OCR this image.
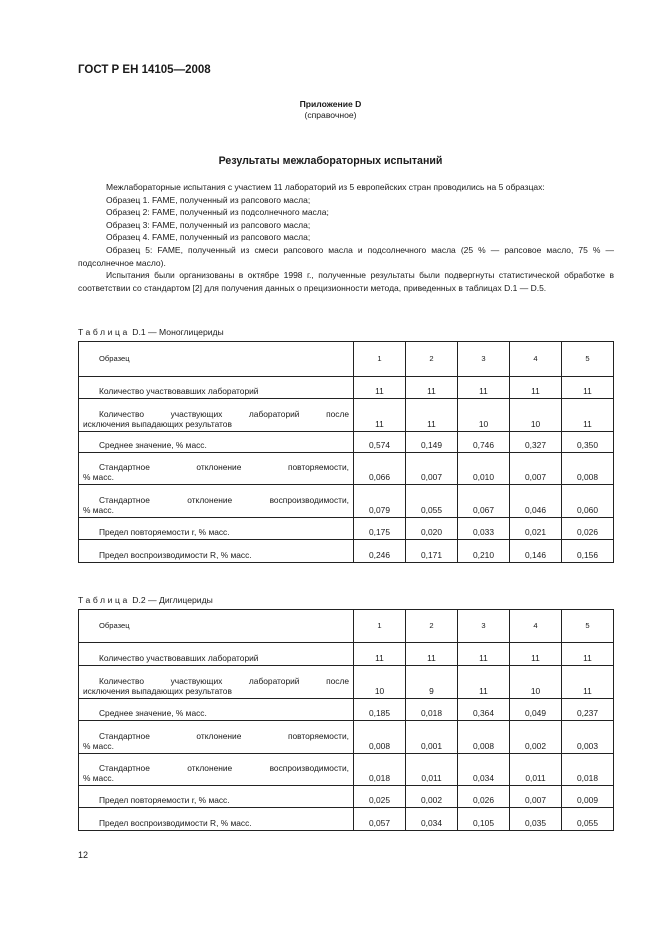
ГОСТ Р ЕН 14105—2008
Приложение D
(справочное)
Результаты межлабораторных испытаний

Межлабораторные испытания с участием 11 лабораторий из 5 европейских стран проводились на 5 образцах:

Образец 1. FAME, полученный из рапсового масла;

Образец 2: FAME, полученный из подсолнечного масла;

Образец 3: FAME, полученный из рапсового масла;

Образец 4. FAME, полученный из рапсового масла;

Образец 5: FAME, полученный из смеси рапсового масла и подсолнечного масла (25 % — рапсовое масло, 75 % — подсолнечное масло).

Испытания были организованы в октябре 1998 г., полученные результаты были подвергнуты статистической обработке в соответствии со стандартом [2] для получения данных о прецизионности метода, приведенных в таблицах D.1 — D.5.

Таблица D.1 — Моноглицериды
Образец	1	2	3	4	5
Количество участвовавших лабораторий	11	11	11	11	11

Количество участвующих лабораторий после
исключения выпадающих результатов	11	11	10	10	11
Среднее значение, % масс.	0,574	0,149	0,746	0,327	0,350

Стандартное отклонение повторяемости,
% масс.	0,066	0,007	0,010	0,007	0,008

Стандартное отклонение воспроизводимости,
% масс.	0,079	0,055	0,067	0,046	0,060
Предел повторяемости r, % масс.	0,175	0,020	0,033	0,021	0,026
Предел воспроизводимости R, % масс.	0,246	0,171	0,210	0,146	0,156
Таблица D.2 — Диглицериды
Образец	1	2	3	4	5
Количество участвовавших лабораторий	11	11	11	11	11

Количество участвующих лабораторий после
исключения выпадающих результатов	10	9	11	10	11
Среднее значение, % масс.	0,185	0,018	0,364	0,049	0,237

Стандартное отклонение повторяемости,
% масс.	0,008	0,001	0,008	0,002	0,003

Стандартное отклонение воспроизводимости,
% масс.	0,018	0,011	0,034	0,011	0,018
Предел повторяемости r, % масс.	0,025	0,002	0,026	0,007	0,009
Предел воспроизводимости R, % масс.	0,057	0,034	0,105	0,035	0,055
12
